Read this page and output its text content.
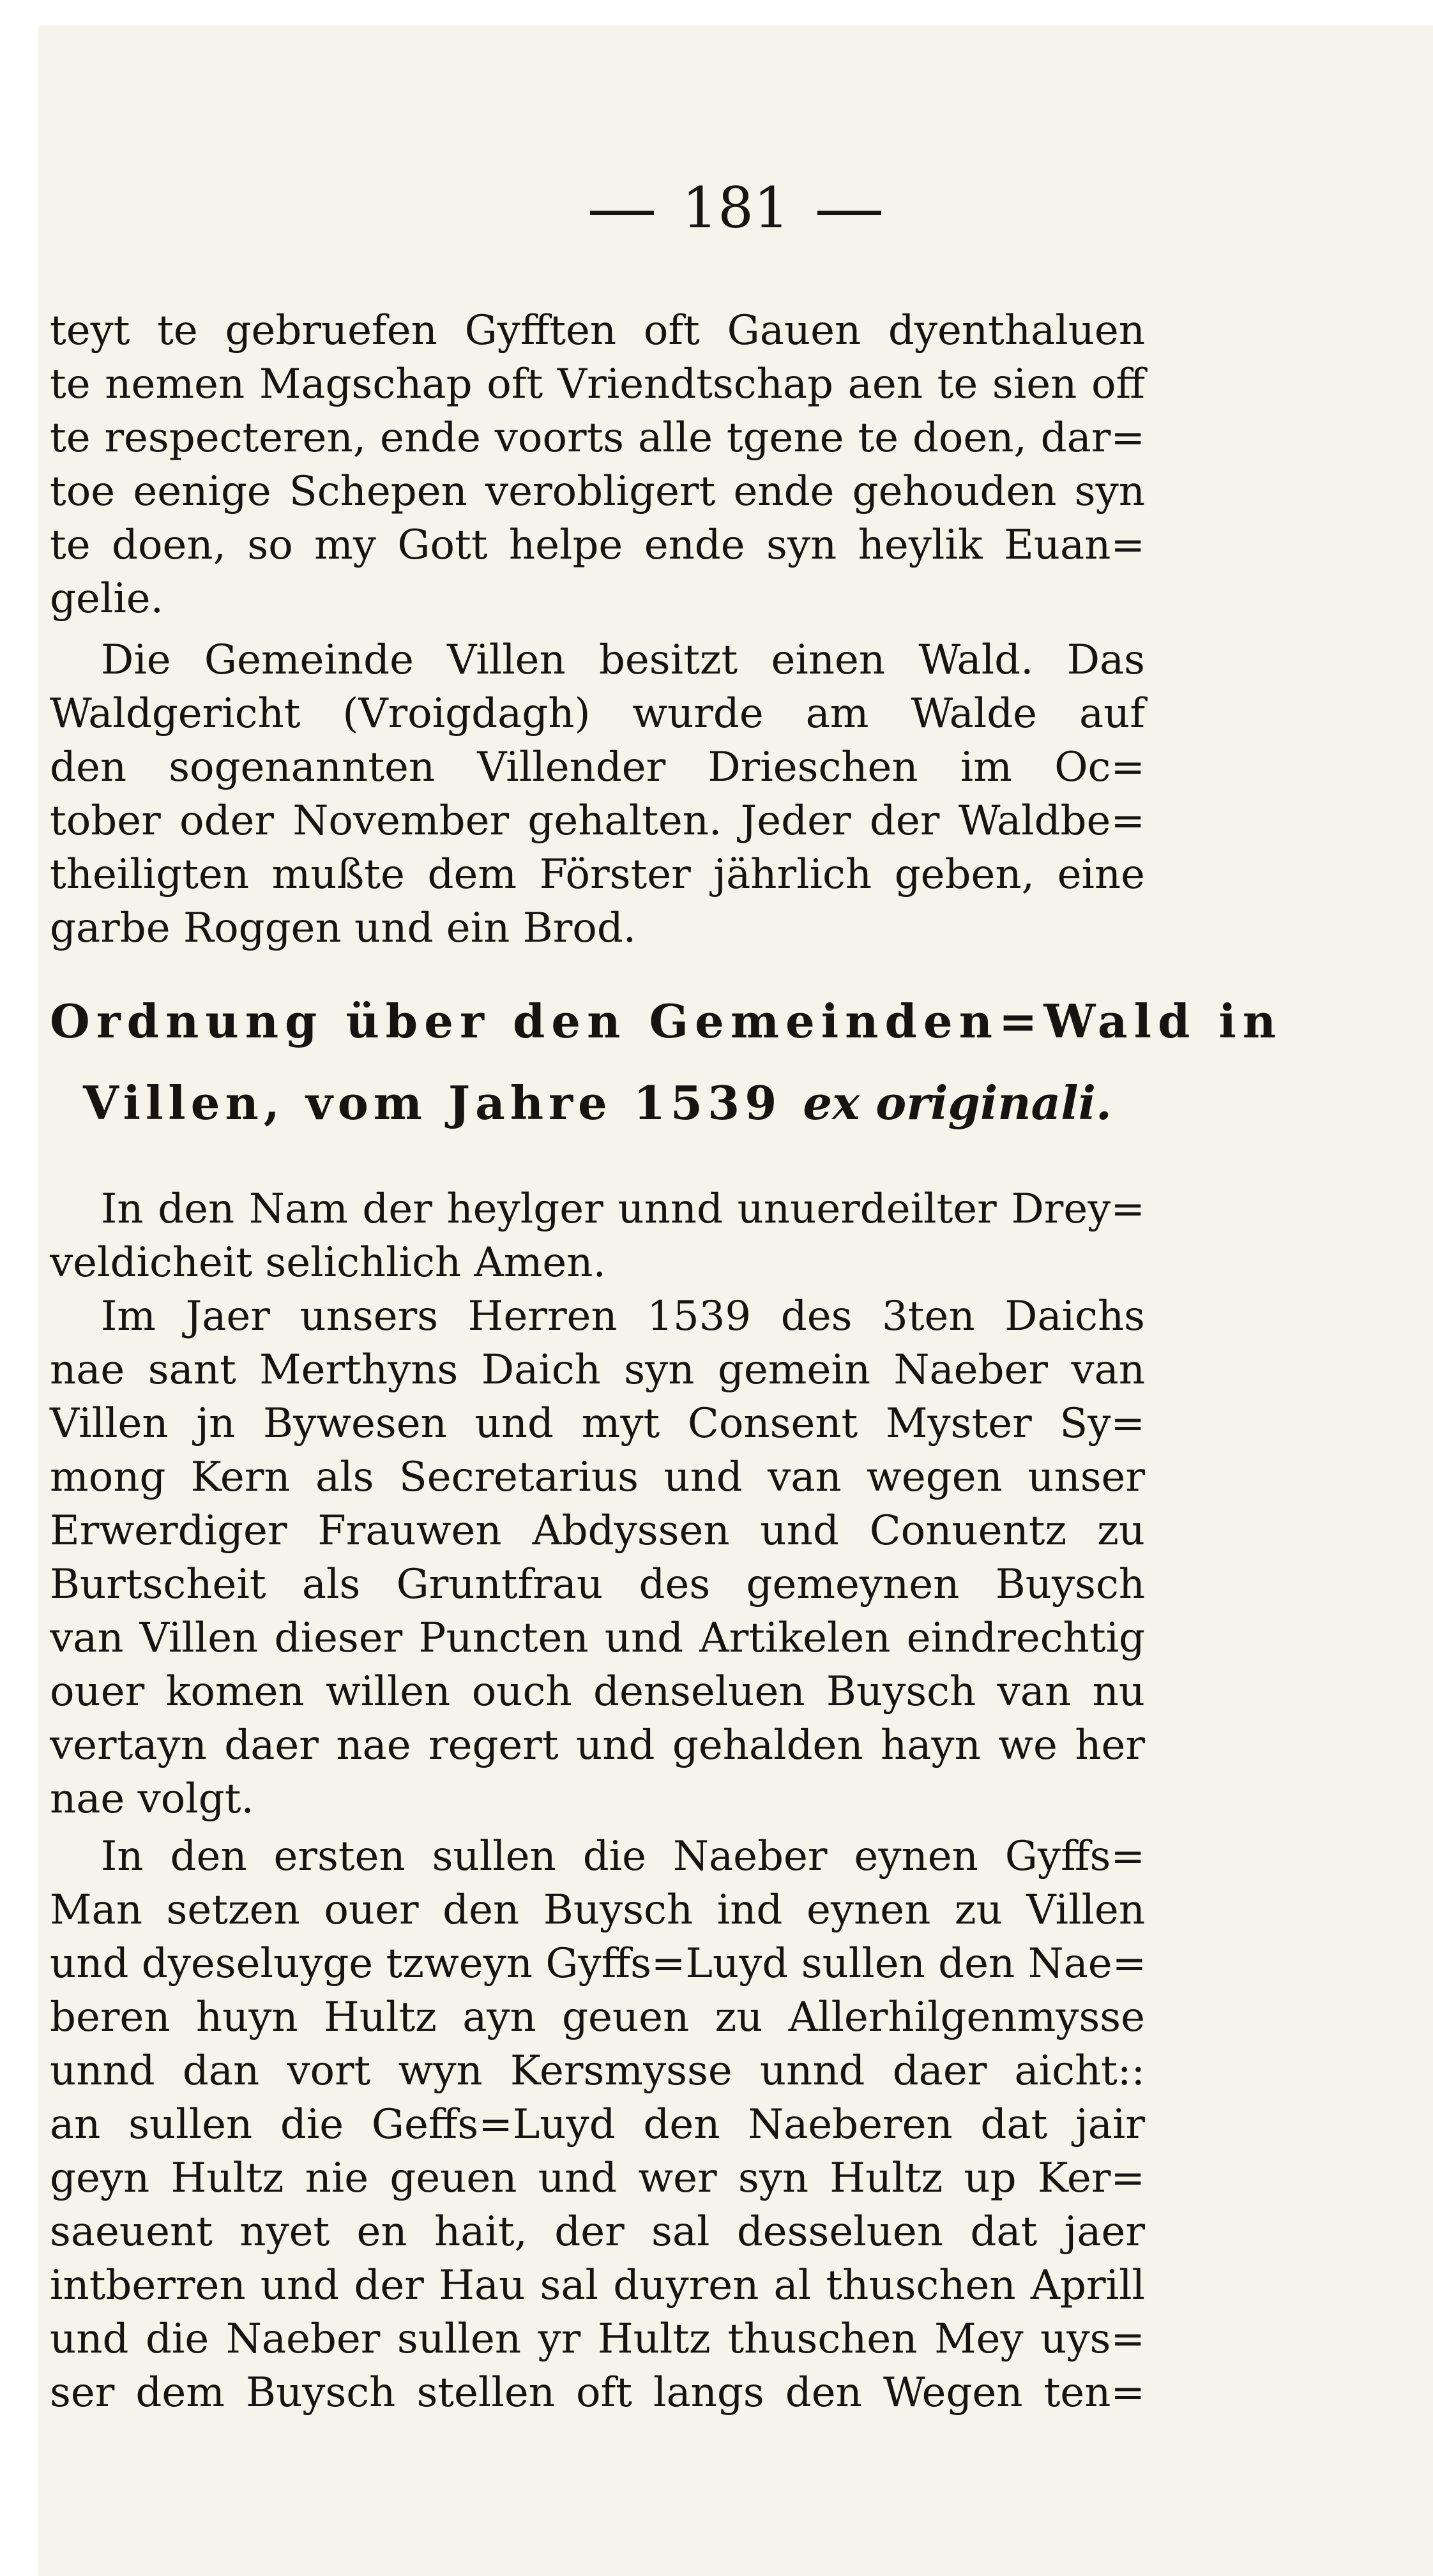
181
teyt te gebruefen Gyfften oft Gauen dyenthaluen
te nemen Magschap oft Vriendtschap aen te sien off
te respecteren, ende voorts alle tgene te doen, dar=
toe eenige Schepen verobligert ende gehouden syn
te doen, so my Gott helpe ende syn heylik Euan=
gelie.
Die Gemeinde Villen besitzt einen Wald. Das
Waldgericht (Vroigdagh) wurde am Walde auf
den sogenannten Villender Drieschen im Oc=
tober oder November gehalten. Jeder der Waldbe=
theiligten mußte dem Förster jährlich geben, eine
garbe Roggen und ein Brod.
Ordnung über den Gemeinden=Wald in
Villen, vom Jahre 1539 ex originali.
In den Nam der heylger unnd unuerdeilter Drey=
veldicheit selichlich Amen.
Im Jaer unsers Herren 1539 des 3ten Daichs
nae sant Merthyns Daich syn gemein Naeber van
Villen jn Bywesen und myt Consent Myster Sy=
mong Kern als Secretarius und van wegen unser
Erwerdiger Frauwen Abdyssen und Conuentz zu
Burtscheit als Gruntfrau des gemeynen Buysch
van Villen dieser Puncten und Artikelen eindrechtig
ouer komen willen ouch denseluen Buysch van nu
vertayn daer nae regert und gehalden hayn we her
nae volgt.
In den ersten sullen die Naeber eynen Gyffs=
Man setzen ouer den Buysch ind eynen zu Villen
und dyeseluyge tzweyn Gyffs=Luyd sullen den Nae=
beren huyn Hultz ayn geuen zu Allerhilgenmysse
unnd dan vort wyn Kersmysse unnd daer aicht::
an sullen die Geffs=Luyd den Naeberen dat jair
geyn Hultz nie geuen und wer syn Hultz up Ker=
saeuent nyet en hait, der sal desseluen dat jaer
intberren und der Hau sal duyren al thuschen Aprill
und die Naeber sullen yr Hultz thuschen Mey uys=
ser dem Buysch stellen oft langs den Wegen ten=
